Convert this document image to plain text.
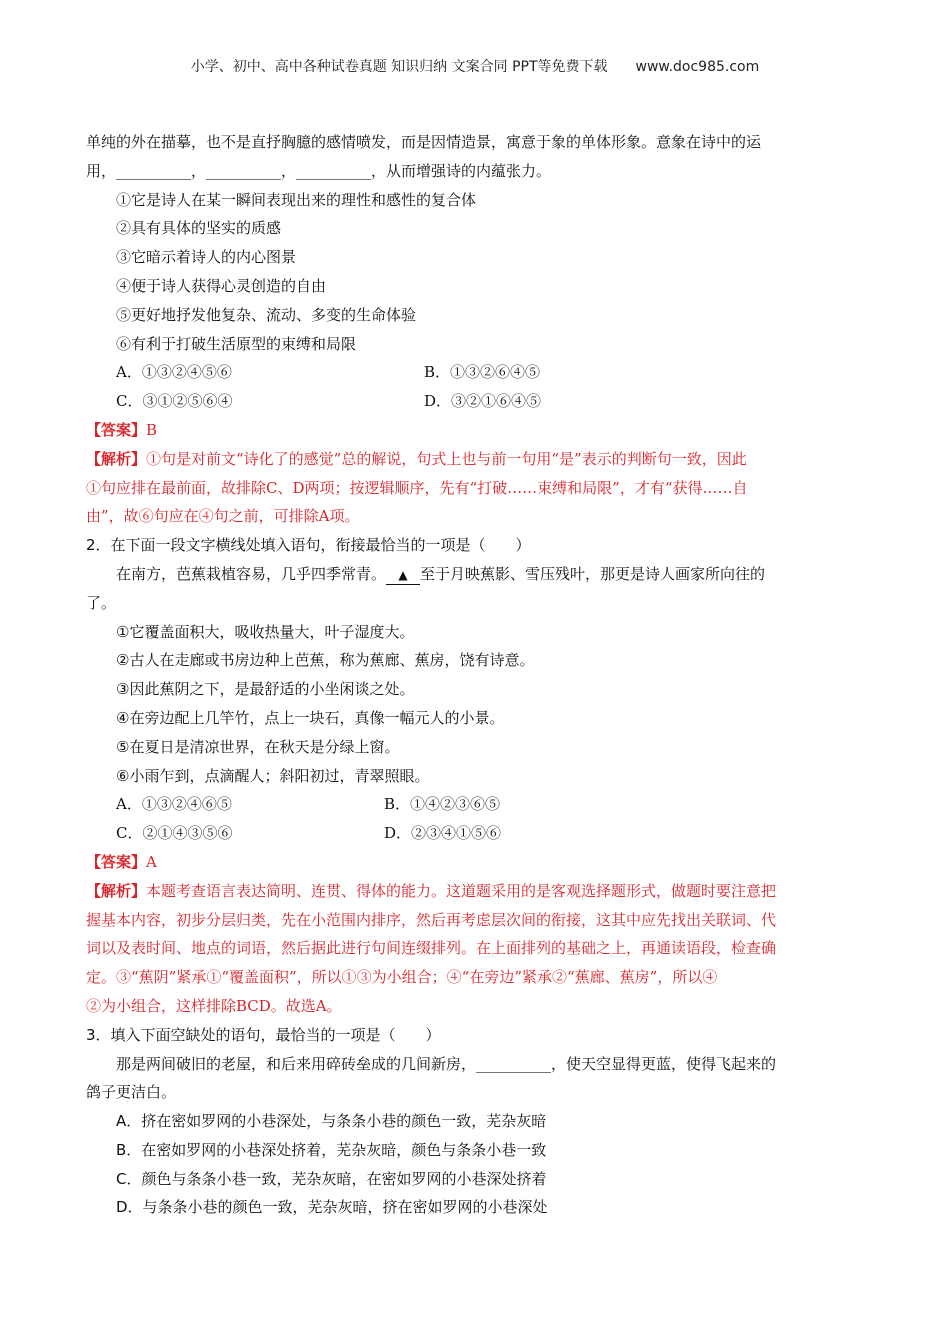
小学、初中、高中各种试卷真题 知识归纳 文案合同 PPT等免费下载 www.doc985.com

单纯的外在描摹，也不是直抒胸臆的感情喷发，而是因情造景，寓意于象的单体形象。意象在诗中的运

用，__________，__________，__________，从而增强诗的内蕴张力。

①它是诗人在某一瞬间表现出来的理性和感性的复合体

②具有具体的坚实的质感

③它暗示着诗人的内心图景

④便于诗人获得心灵创造的自由

⑤更好地抒发他复杂、流动、多变的生命体验

⑥有利于打破生活原型的束缚和局限

A．①③②④⑤⑥	B．①③②⑥④⑤
C．③①②⑤⑥④	D．③②①⑥④⑤

【答案】B

【解析】①句是对前文“诗化了的感觉”总的解说，句式上也与前一句用“是”表示的判断句一致，因此

①句应排在最前面，故排除C、D两项；按逻辑顺序，先有“打破……束缚和局限”，才有“获得……自

由”，故⑥句应在④句之前，可排除A项。

2．在下面一段文字横线处填入语句，衔接最恰当的一项是（　　）

在南方，芭蕉栽植容易，几乎四季常青。 ▲ 至于月映蕉影、雪压残叶，那更是诗人画家所向往的

了。

①它覆盖面积大，吸收热量大，叶子湿度大。

②古人在走廊或书房边种上芭蕉，称为蕉廊、蕉房，饶有诗意。

③因此蕉阴之下，是最舒适的小坐闲谈之处。

④在旁边配上几竿竹，点上一块石，真像一幅元人的小景。

⑤在夏日是清凉世界，在秋天是分绿上窗。

⑥小雨乍到，点滴醒人；斜阳初过，青翠照眼。

A．①③②④⑥⑤	B．①④②③⑥⑤
C．②①④③⑤⑥	D．②③④①⑤⑥

【答案】A

【解析】本题考查语言表达简明、连贯、得体的能力。这道题采用的是客观选择题形式，做题时要注意把

握基本内容，初步分层归类，先在小范围内排序，然后再考虑层次间的衔接，这其中应先找出关联词、代

词以及表时间、地点的词语，然后据此进行句间连缀排列。在上面排列的基础之上，再通读语段，检查确

定。③“蕉阴”紧承①“覆盖面积”，所以①③为小组合；④“在旁边”紧承②“蕉廊、蕉房”，所以④

②为小组合，这样排除BCD。故选A。

3．填入下面空缺处的语句，最恰当的一项是（　　）

那是两间破旧的老屋，和后来用碎砖垒成的几间新房，__________，使天空显得更蓝，使得飞起来的

鸽子更洁白。

A．挤在密如罗网的小巷深处，与条条小巷的颜色一致，芜杂灰暗

B．在密如罗网的小巷深处挤着，芜杂灰暗，颜色与条条小巷一致

C．颜色与条条小巷一致，芜杂灰暗，在密如罗网的小巷深处挤着

D．与条条小巷的颜色一致，芜杂灰暗，挤在密如罗网的小巷深处
